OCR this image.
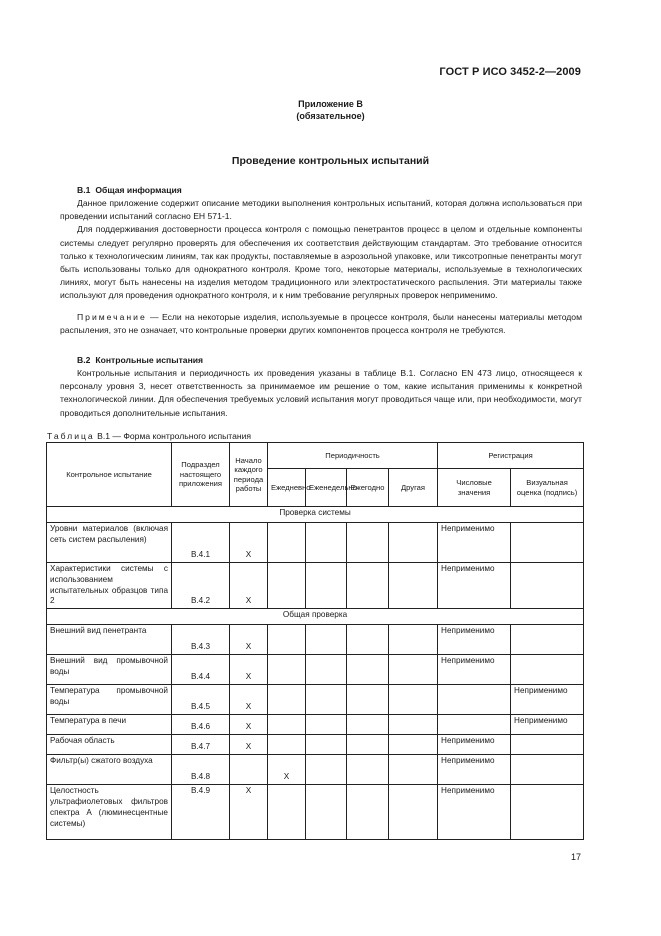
ГОСТ Р ИСО 3452-2—2009
Приложение В
(обязательное)
Проведение контрольных испытаний
В.1 Общая информация

Данное приложение содержит описание методики выполнения контрольных испытаний, которая должна использоваться при проведении испытаний согласно ЕН 571-1.

Для поддерживания достоверности процесса контроля с помощью пенетрантов процесс в целом и отдельные компоненты системы следует регулярно проверять для обеспечения их соответствия действующим стандартам. Это требование относится только к технологическим линиям, так как продукты, поставляемые в аэрозольной упаковке, или тиксотропные пенетранты могут быть использованы только для однократного контроля. Кроме того, некоторые материалы, используемые в технологических линиях, могут быть нанесены на изделия методом традиционного или электростатического распыления. Эти материалы также используют для проведения однократного контроля, и к ним требование регулярных проверок неприменимо.

Примечание — Если на некоторые изделия, используемые в процессе контроля, были нанесены материалы методом распыления, это не означает, что контрольные проверки других компонентов процесса контроля не требуются.

В.2 Контрольные испытания

Контрольные испытания и периодичность их проведения указаны в таблице В.1. Согласно EN 473 лицо, относящееся к персоналу уровня 3, несет ответственность за принимаемое им решение о том, какие испытания применимы к конкретной технологической линии. Для обеспечения требуемых условий испытания могут проводиться чаще или, при необходимости, могут проводиться дополнительные испытания.

Таблица В.1 — Форма контрольного испытания
Контрольное испытание	Подраздел настоящего приложения	Начало каждого периода работы	Периодичность				Регистрация	
			Ежедневно	Еженедельно	Ежегодно	Другая	Числовые значения	Визуальная оценка (подпись)
Проверка системы								
Уровни материалов (включая сеть систем распыления)	В.4.1	Х					Неприменимо	
Характеристики системы с использованием испытательных образцов типа 2	В.4.2	Х					Неприменимо	
Общая проверка								
Внешний вид пенетранта	В.4.3	Х					Неприменимо	
Внешний вид промывочной воды	В.4.4	Х					Неприменимо	
Температура промывочной воды	В.4.5	Х						Неприменимо
Температура в печи	В.4.6	Х						Неприменимо
Рабочая область	В.4.7	Х					Неприменимо	
Фильтр(ы) сжатого воздуха	В.4.8		Х				Неприменимо	
Целостность ультрафиолетовых фильтров спектра А (люминесцентные системы)	В.4.9	Х					Неприменимо	
17
